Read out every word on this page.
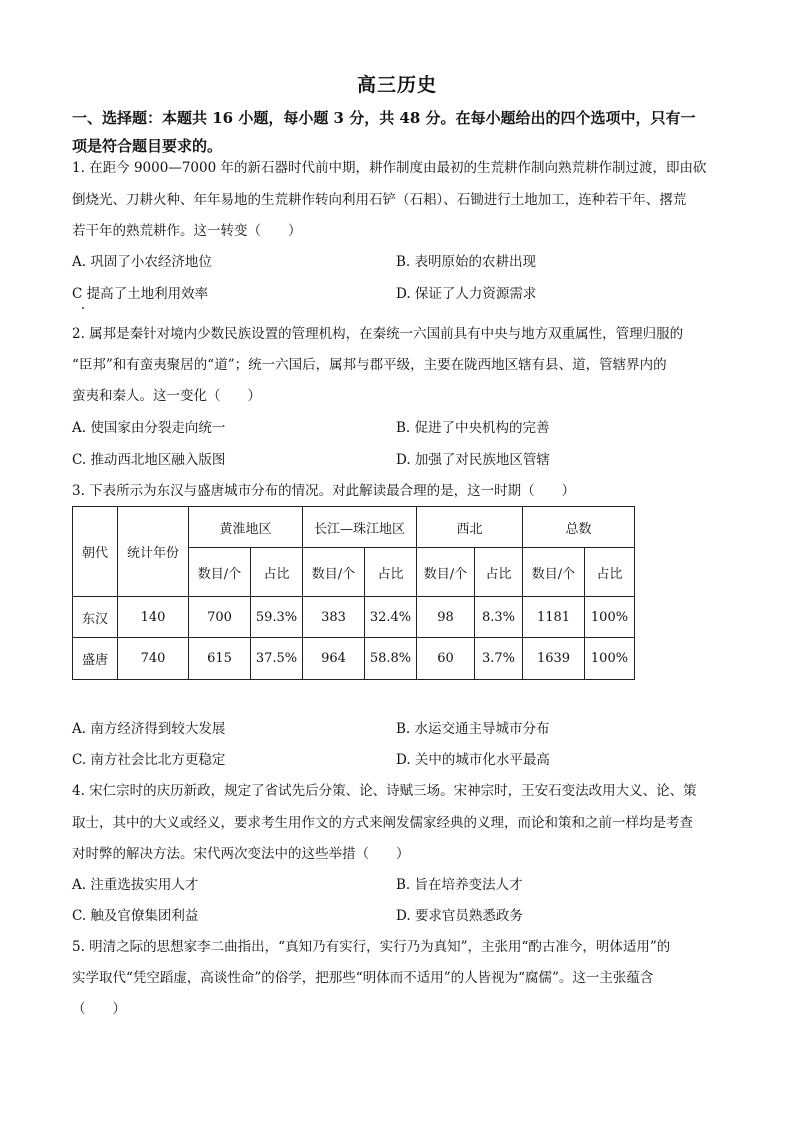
高三历史
一、选择题：本题共 16 小题，每小题 3 分，共 48 分。在每小题给出的四个选项中，只有一
项是符合题目要求的。
1. 在距今 9000—7000 年的新石器时代前中期，耕作制度由最初的生荒耕作制向熟荒耕作制过渡，即由砍
倒烧光、刀耕火种、年年易地的生荒耕作转向利用石铲（石耜）、石锄进行土地加工，连种若干年、撂荒
若干年的熟荒耕作。这一转变（　　）
A. 巩固了小农经济地位	B. 表明原始的农耕出现
C 提高了土地利用效率	D. 保证了人力资源需求
2. 属邦是秦针对境内少数民族设置的管理机构，在秦统一六国前具有中央与地方双重属性，管理归服的
“臣邦”和有蛮夷聚居的“道”；统一六国后，属邦与郡平级，主要在陇西地区辖有县、道，管辖界内的
蛮夷和秦人。这一变化（　　）
A. 使国家由分裂走向统一	B. 促进了中央机构的完善
C. 推动西北地区融入版图	D. 加强了对民族地区管辖
3. 下表所示为东汉与盛唐城市分布的情况。对此解读最合理的是，这一时期（　　）
朝代	统计年份	黄淮地区		长江—珠江地区		西北		总数	
		数目/个	占比	数目/个	占比	数目/个	占比	数目/个	占比
东汉	140	700	59.3%	383	32.4%	98	8.3%	1181	100%
盛唐	740	615	37.5%	964	58.8%	60	3.7%	1639	100%
A. 南方经济得到较大发展	B. 水运交通主导城市分布
C. 南方社会比北方更稳定	D. 关中的城市化水平最高
4. 宋仁宗时的庆历新政，规定了省试先后分策、论、诗赋三场。宋神宗时，王安石变法改用大义、论、策
取士，其中的大义或经义，要求考生用作文的方式来阐发儒家经典的义理，而论和策和之前一样均是考查
对时弊的解决方法。宋代两次变法中的这些举措（　　）
A. 注重选拔实用人才	B. 旨在培养变法人才
C. 触及官僚集团利益	D. 要求官员熟悉政务
5. 明清之际的思想家李二曲指出，“真知乃有实行，实行乃为真知”，主张用“酌古准今，明体适用”的
实学取代“凭空蹈虚，高谈性命”的俗学，把那些“明体而不适用”的人皆视为“腐儒”。这一主张蕴含
（　　）
